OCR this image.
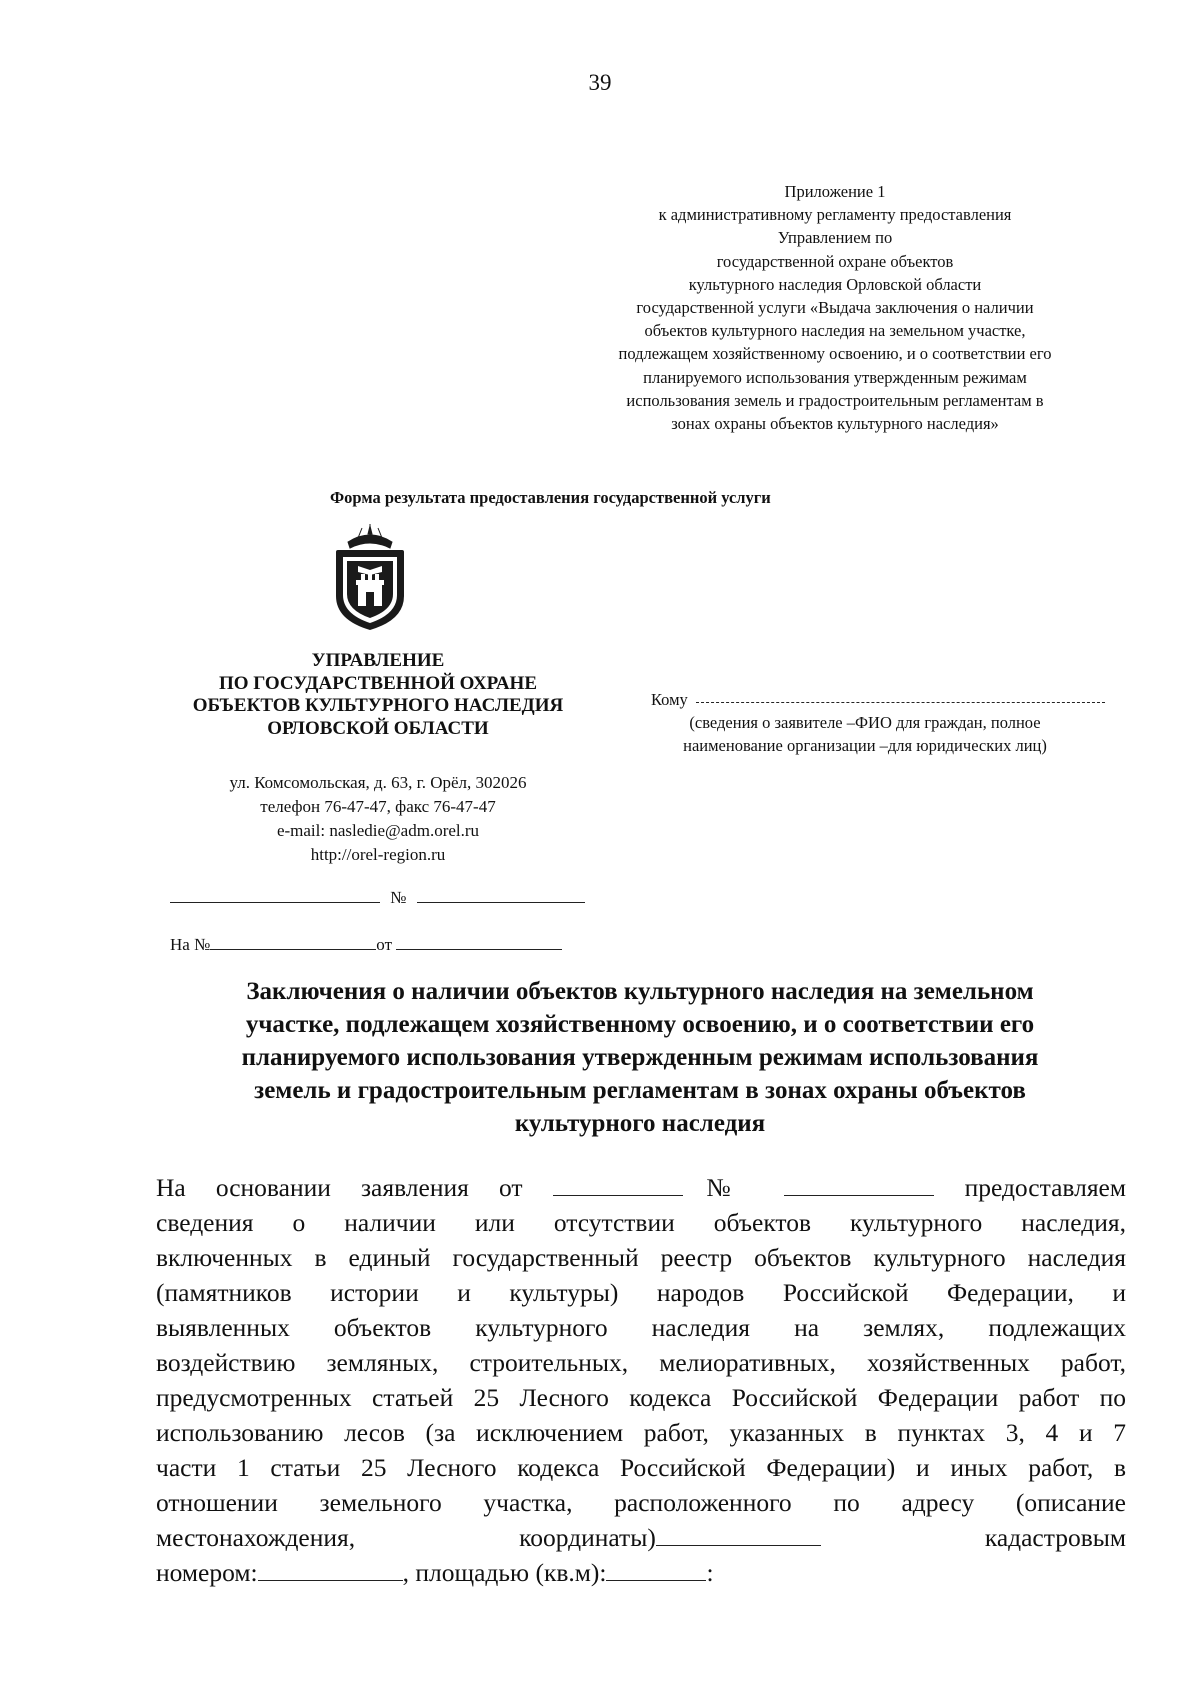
39
Приложение 1
к административному регламенту предоставления
Управлением по
государственной охране объектов
культурного наследия Орловской области
государственной услуги «Выдача заключения о наличии
объектов культурного наследия на земельном участке,
подлежащем хозяйственному освоению, и о соответствии его
планируемого использования утвержденным режимам
использования земель и градостроительным регламентам в
зонах охраны объектов культурного наследия»
Форма результата предоставления государственной услуги
УПРАВЛЕНИЕ
ПО ГОСУДАРСТВЕННОЙ ОХРАНЕ
ОБЪЕКТОВ КУЛЬТУРНОГО НАСЛЕДИЯ
ОРЛОВСКОЙ ОБЛАСТИ
ул. Комсомольская, д. 63, г. Орёл, 302026
телефон 76-47-47, факс 76-47-47
e-mail: nasledie@adm.orel.ru
http://orel-region.ru
Кому
(сведения о заявителе –ФИО для граждан, полное
наименование организации –для юридических лиц)
№
На №	от
Заключения о наличии объектов культурного наследия на земельном
участке, подлежащем хозяйственному освоению, и о соответствии его
планируемого использования утвержденным режимам использования
земель и градостроительным регламентам в зонах охраны объектов
культурного наследия
На основании заявления от	№	предоставляем
сведения о наличии или отсутствии объектов культурного наследия,
включенных в единый государственный реестр объектов культурного наследия
(памятников истории и культуры) народов Российской Федерации, и
выявленных объектов культурного наследия на землях, подлежащих
воздействию земляных, строительных, мелиоративных, хозяйственных работ,
предусмотренных статьей 25 Лесного кодекса Российской Федерации работ по
использованию лесов (за исключением работ, указанных в пунктах 3, 4 и 7
части 1 статьи 25 Лесного кодекса Российской Федерации) и иных работ, в
отношении земельного участка, расположенного по адресу (описание
местонахождения,	координаты)	кадастровым
номером:	, площадью (кв.м):	:
